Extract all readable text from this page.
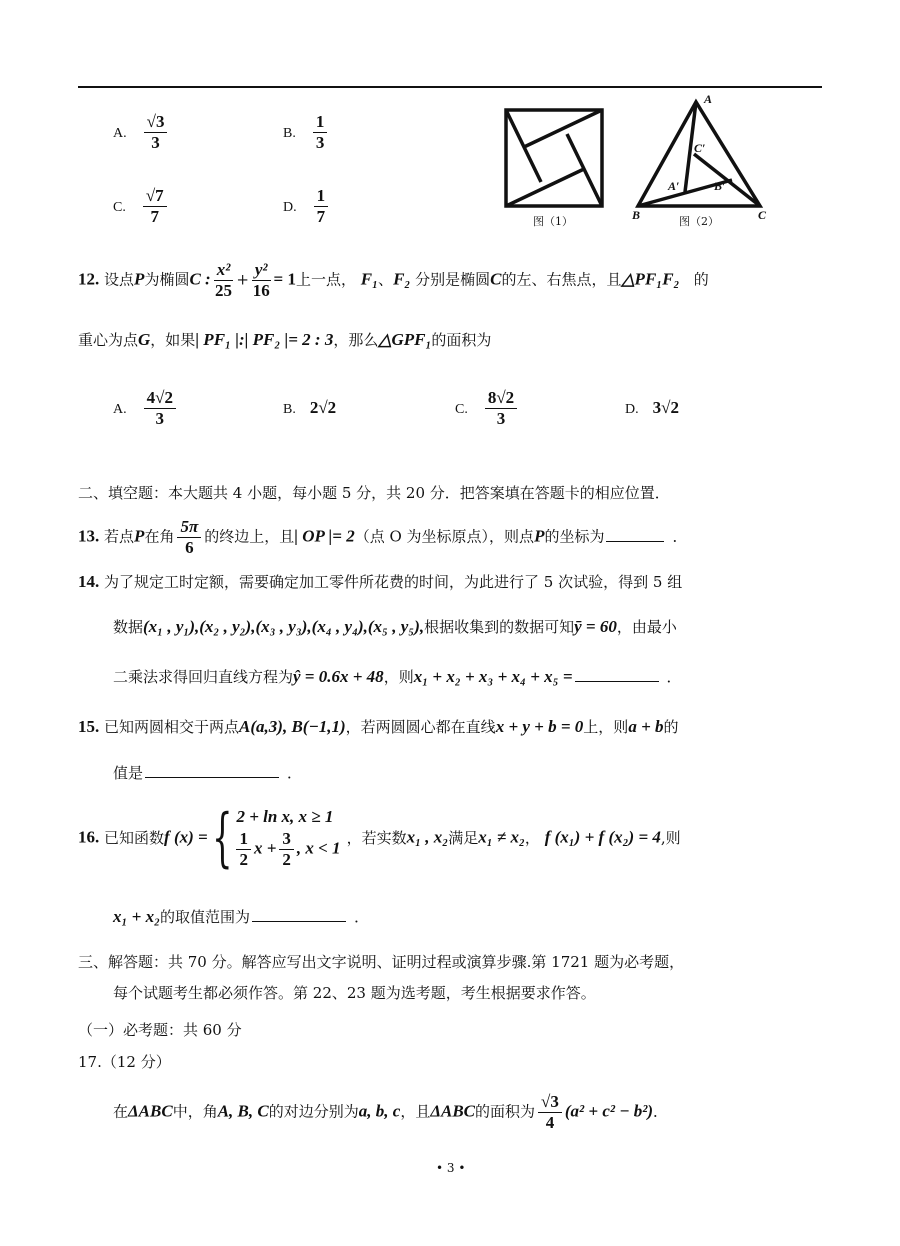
A. $\frac{√3}{3}$	B. $\frac{1}{3}$
C. $\frac{√7}{7}$	D. $\frac{1}{7}$	图（1）
A
B	C
C′
A′	B′
图（2）
12. 设点P为椭圆C : $\frac{\text{x²}}{25} + \frac{\text{y²}}{16} = 1$上一点， F₁、F₂ 分别是椭圆C的左、右焦点，且△PF₁F₂ 的
重心为点G，如果| PF₁ |:| PF₂ |= 2 : 3，那么△GPF₁的面积为
A. $\frac{4√2}{3}$	B. 2√2	C. $\frac{8√2}{3}$	D. 3√2
二、填空题：本大题共 4 小题，每小题 5 分，共 20 分．把答案填在答题卡的相应位置．
13. 若点P在角 $\frac{5\pi}{6}$ 的终边上，且| OP |= 2（点 O 为坐标原点），则点P的坐标为	．
14. 为了规定工时定额，需要确定加工零件所花费的时间，为此进行了 5 次试验，得到 5 组
数据(x₁ , y₁),(x₂ , y₂),(x₃ , y₃),(x₄ , y₄),(x₅ , y₅),根据收集到的数据可知ȳ = 60，由最小
二乘法求得回归直线方程为ŷ = 0.6x + 48，则x₁ + x₂ + x₃ + x₄ + x₅ =	．
15. 已知两圆相交于两点A(a,3), B(−1,1)，若两圆圆心都在直线x + y + b = 0上，则a + b的
值是	．
16. 已知函数f (x) ={ 2 + ln x, x ≥ 1
$\frac{1}{2}$ $x + \frac{3}{2}$ , x < 1
，若实数x₁ , x₂满足x₁ ≠ x₂， f (x₁) + f (x₂) = 4,则
x₁ + x₂的取值范围为	．
三、解答题：共 70 分。解答应写出文字说明、证明过程或演算步骤.第 1721 题为必考题，
每个试题考生都必须作答。第 22、23 题为选考题，考生根据要求作答。
（一）必考题：共 60 分
17.（12 分）
在ΔABC中，角A, B, C的对边分别为a, b, c，且ΔABC的面积为 $\frac{√3}{4} (a^2 + c^2 - b^2)$．
• 3 •
